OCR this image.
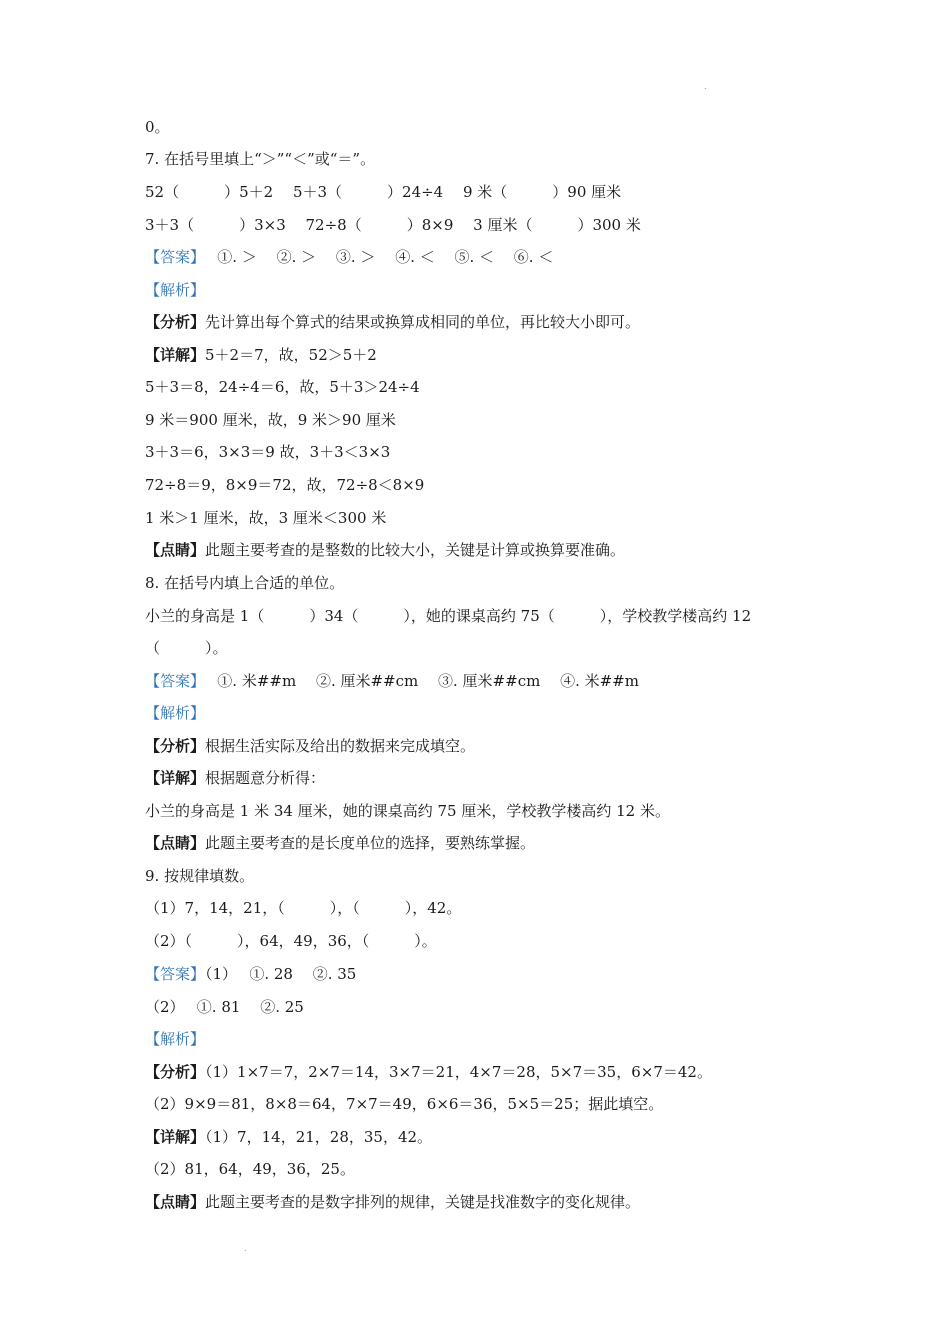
.
.
0。
7. 在括号里填上“＞”“＜”或“＝”。
52（　　　）5＋2　 5＋3（　　　）24÷4　 9 米（　　　）90 厘米
3＋3（　　　）3×3　 72÷8（　　　）8×9　 3 厘米（　　　）300 米
【答案】　 ①. ＞　 ②. ＞　 ③. ＞　 ④. ＜　 ⑤. ＜　 ⑥. ＜
【解析】
【分析】先计算出每个算式的结果或换算成相同的单位，再比较大小即可。
【详解】5＋2＝7，故，52＞5＋2
5＋3＝8，24÷4＝6，故，5＋3＞24÷4
9 米＝900 厘米，故，9 米＞90 厘米
3＋3＝6，3×3＝9 故，3＋3＜3×3
72÷8＝9，8×9＝72，故，72÷8＜8×9
1 米＞1 厘米，故，3 厘米＜300 米
【点睛】此题主要考查的是整数的比较大小，关键是计算或换算要准确。
8. 在括号内填上合适的单位。
小兰的身高是 1（　　　）34（　　　），她的课桌高约 75（　　　），学校教学楼高约 12
（　　　）。
【答案】　 ①. 米##m　 ②. 厘米##cm　 ③. 厘米##cm　 ④. 米##m
【解析】
【分析】根据生活实际及给出的数据来完成填空。
【详解】根据题意分析得：
小兰的身高是 1 米 34 厘米，她的课桌高约 75 厘米，学校教学楼高约 12 米。
【点睛】此题主要考查的是长度单位的选择，要熟练掌握。
9. 按规律填数。
（1）7，14，21，（　　　），（　　　），42。
（2）（　　　），64，49，36，（　　　）。
【答案】（1）　 ①. 28　 ②. 35
（2）　 ①. 81　 ②. 25
【解析】
【分析】（1）1×7＝7，2×7＝14，3×7＝21，4×7＝28，5×7＝35，6×7＝42。
（2）9×9＝81，8×8＝64，7×7＝49，6×6＝36，5×5＝25；据此填空。
【详解】（1）7，14，21，28，35，42。
（2）81，64，49，36，25。
【点睛】此题主要考查的是数字排列的规律，关键是找准数字的变化规律。
